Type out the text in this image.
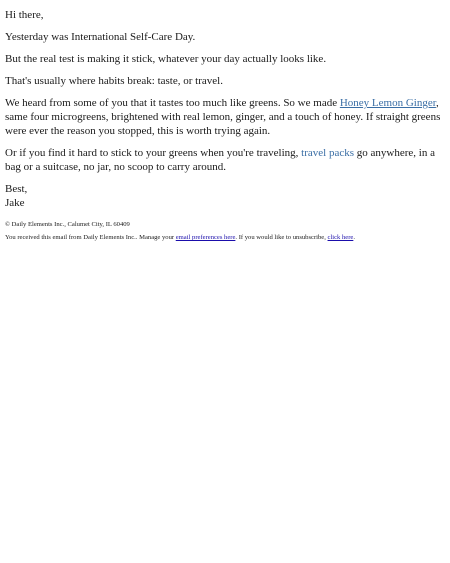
Hi there,

Yesterday was International Self-Care Day.

But the real test is making it stick, whatever your day actually looks like.

That's usually where habits break: taste, or travel.

We heard from some of you that it tastes too much like greens. So we made Honey Lemon Ginger, same four microgreens, brightened with real lemon, ginger, and a touch of honey. If straight greens were ever the reason you stopped, this is worth trying again.

Or if you find it hard to stick to your greens when you're traveling, travel packs go anywhere, in a bag or a suitcase, no jar, no scoop to carry around.

Best,
Jake

© Daily Elements Inc., Calumet City, IL 60409

You received this email from Daily Elements Inc.. Manage your email preferences here. If you would like to unsubscribe, click here.
